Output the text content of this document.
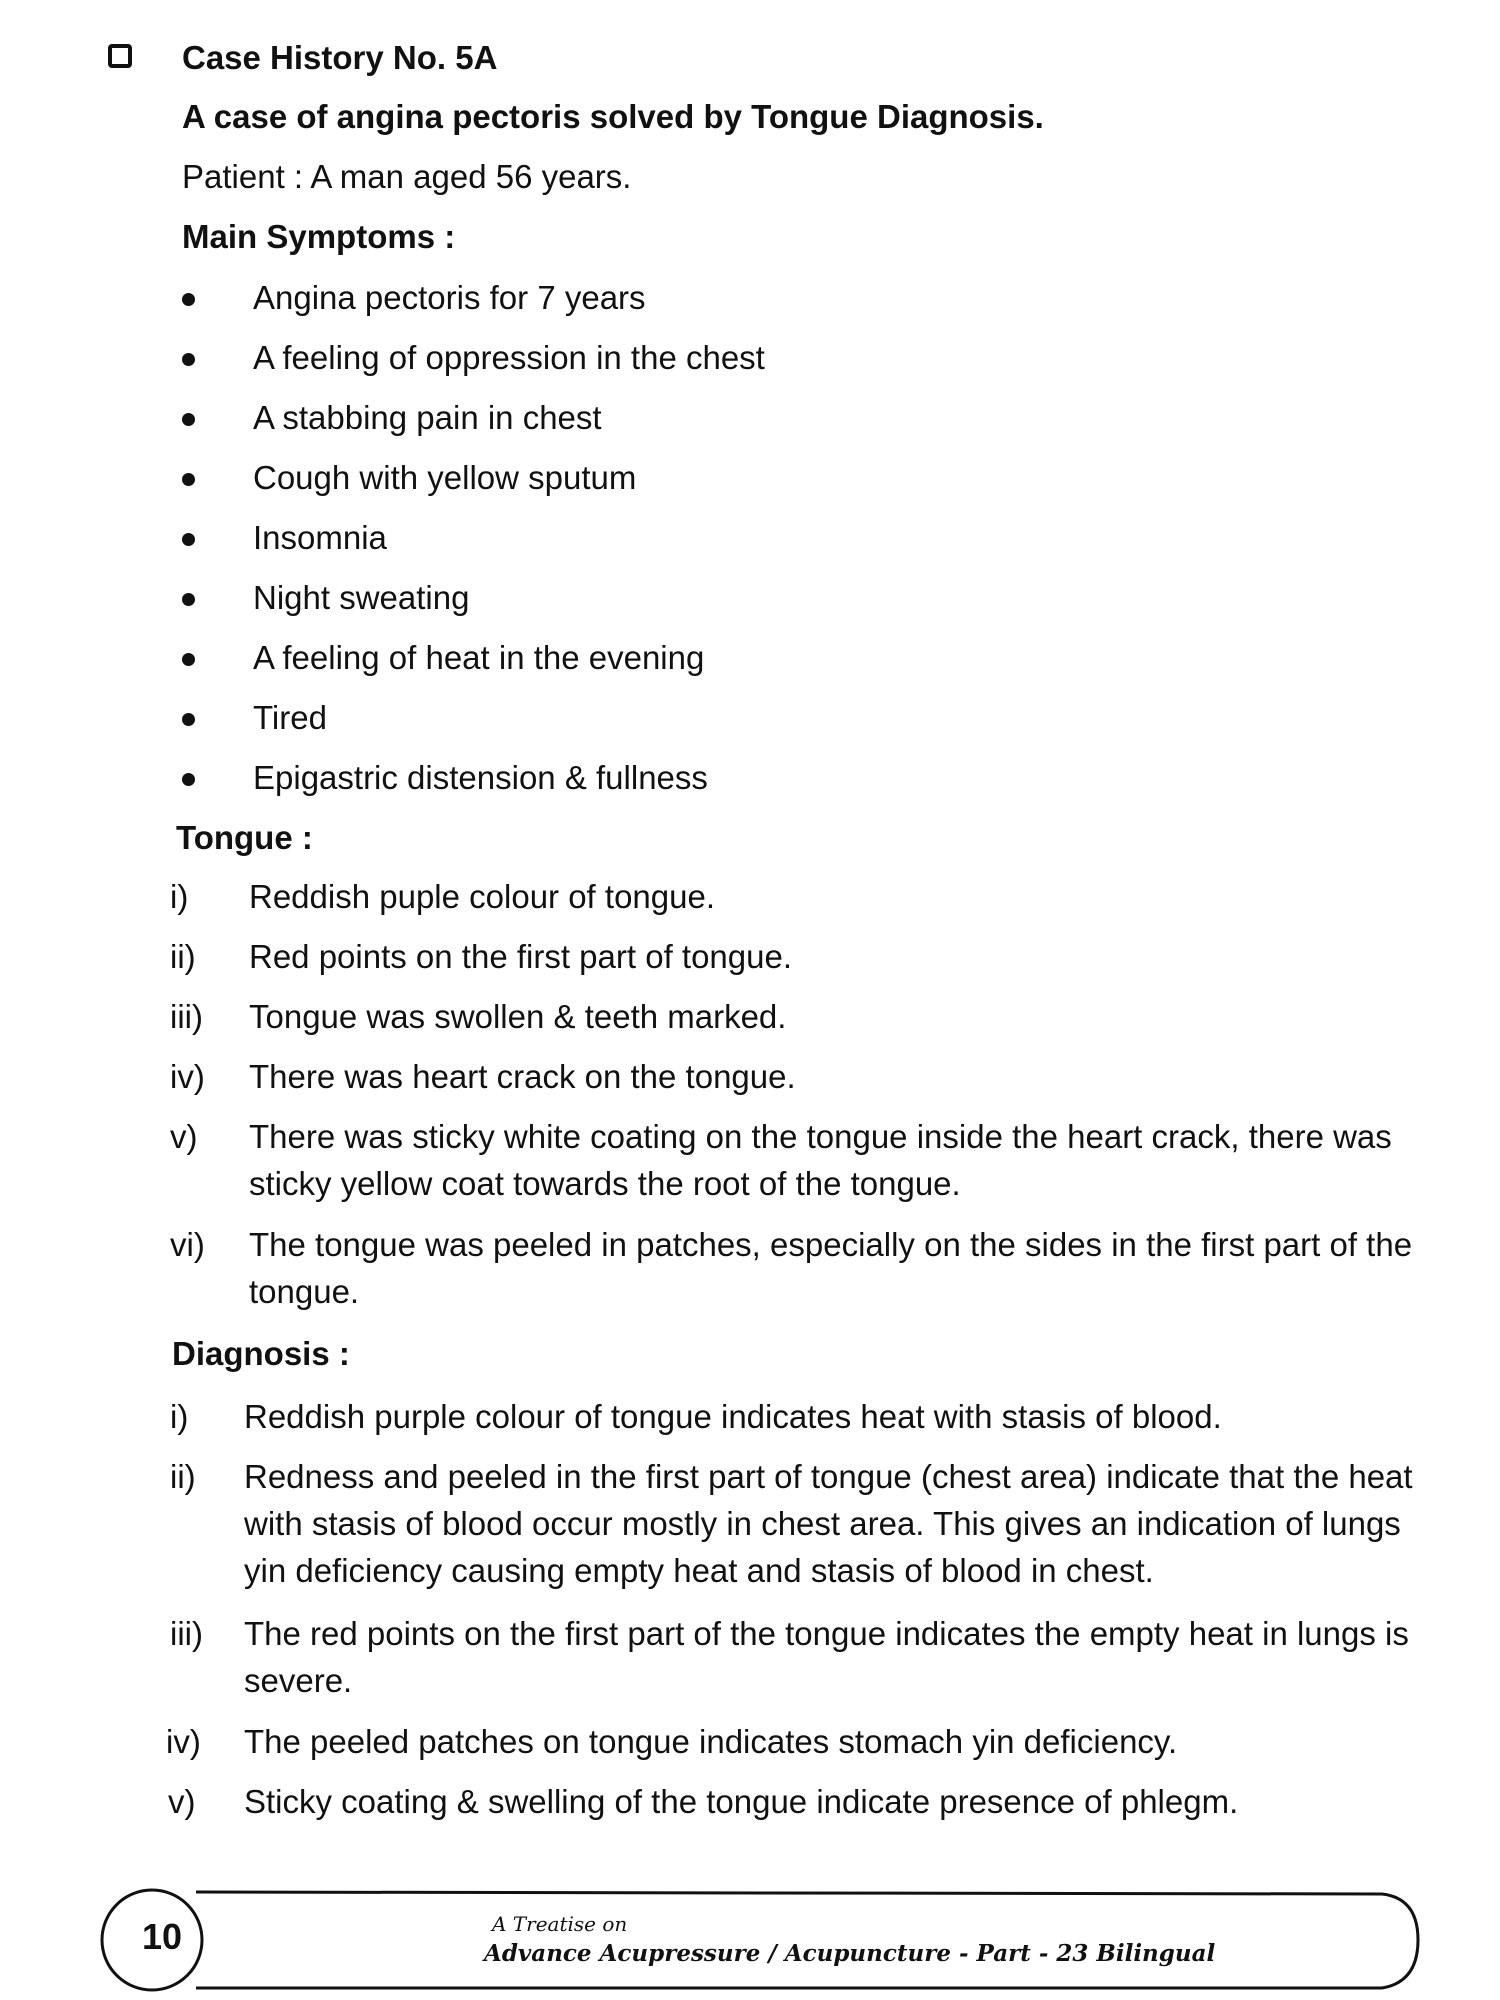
Case History No. 5A
A case of angina pectoris solved by Tongue Diagnosis.
Patient : A man aged 56 years.
Main Symptoms :
Angina pectoris for 7 years
A feeling of oppression in the chest
A stabbing pain in chest
Cough with yellow sputum
Insomnia
Night sweating
A feeling of heat in the evening
Tired
Epigastric distension & fullness
Tongue :
i)	Reddish puple colour of tongue.
ii)	Red points on the first part of tongue.
iii)	Tongue was swollen & teeth marked.
iv)	There was heart crack on the tongue.
v)	There was sticky white coating on the tongue inside the heart crack, there was sticky yellow coat towards the root of the tongue.
vi)	The tongue was peeled in patches, especially on the sides in the first part of the tongue.
Diagnosis :
i)	Reddish purple colour of tongue indicates heat with stasis of blood.
ii)	Redness and peeled in the first part of tongue (chest area) indicate that the heat with stasis of blood occur mostly in chest area. This gives an indication of lungs yin deficiency causing empty heat and stasis of blood in chest.
iii)	The red points on the first part of the tongue indicates the empty heat in lungs is severe.
iv)	The peeled patches on tongue indicates stomach yin deficiency.
v)	Sticky coating & swelling of the tongue indicate presence of phlegm.
10	A Treatise on
Advance Acupressure / Acupuncture - Part - 23 Bilingual
